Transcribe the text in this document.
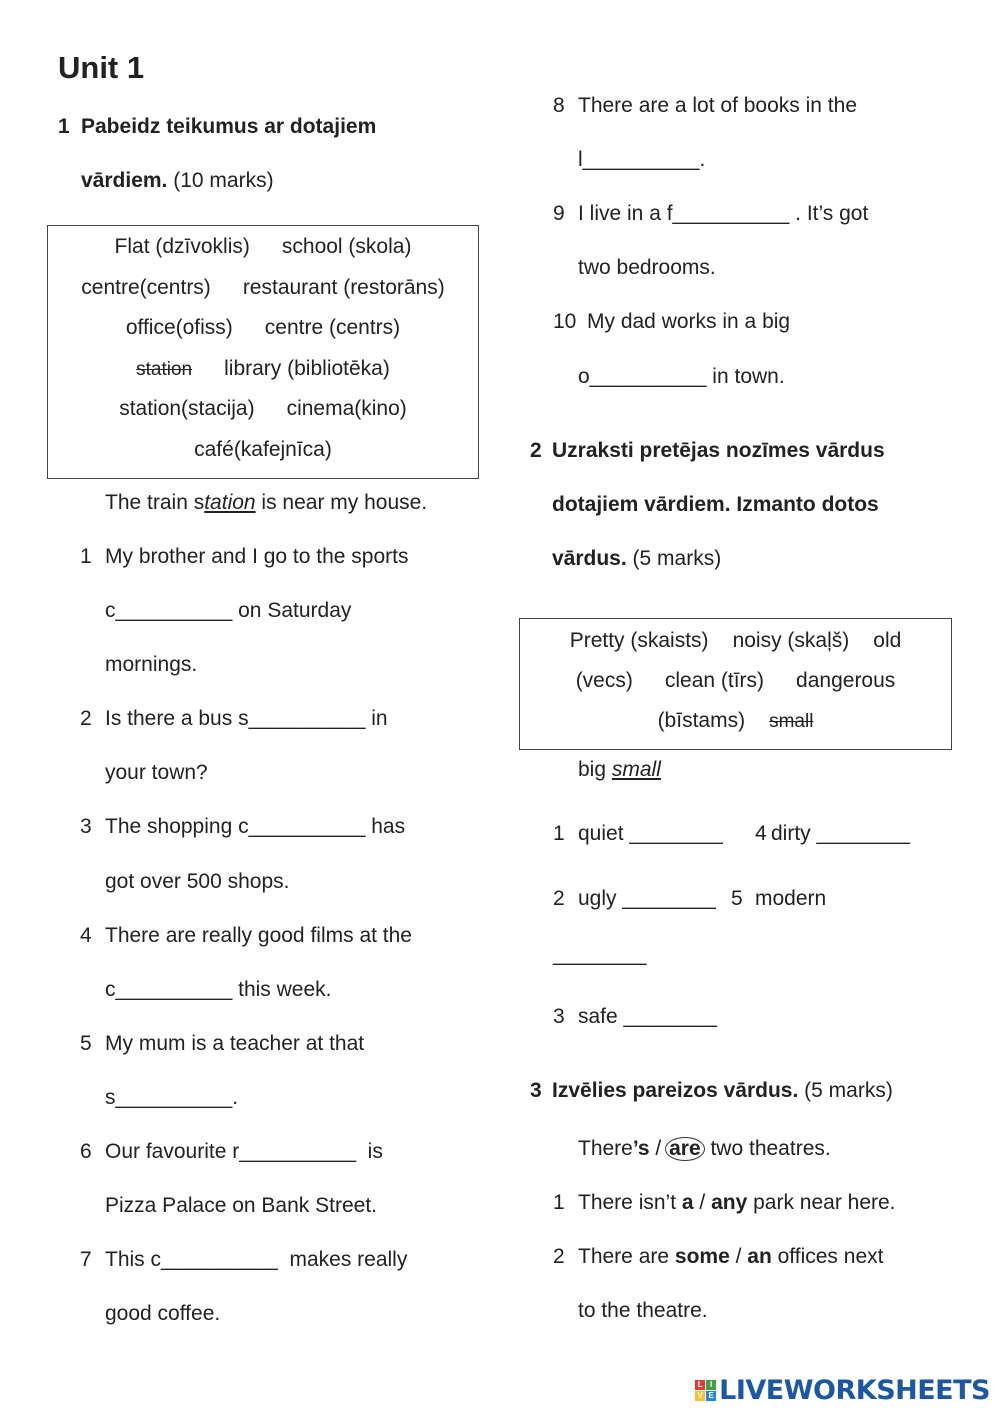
Unit 1
1 Pabeidz teikumus ar dotajiem
vārdiem. (10 marks)
Flat (dzīvoklis) school (skola)
centre(centrs) restaurant (restorāns)
office(ofiss) centre (centrs)
station library (bibliotēka)
station(stacija) cinema(kino)
café(kafejnīca)
The train station is near my house.
1 My brother and I go to the sports
c__________ on Saturday
mornings.
2 Is there a bus s__________ in
your town?
3 The shopping c__________ has
got over 500 shops.
4 There are really good films at the
c__________ this week.
5 My mum is a teacher at that
s__________.
6 Our favourite r__________  is
Pizza Palace on Bank Street.
7 This c__________  makes really
good coffee.
8 There are a lot of books in the
l__________.
9 I live in a f__________ . It’s got
two bedrooms.
10 My dad works in a big
o__________ in town.
2 Uzraksti pretējas nozīmes vārdus
dotajiem vārdiem. Izmanto dotos
vārdus. (5 marks)
Pretty (skaists) noisy (skaļš) old
(vecs) clean (tīrs) dangerous
(bīstams) small
big small
1 quiet ________ 4 dirty ________
2 ugly ________ 5 modern
________
3 safe ________
3 Izvēlies pareizos vārdus. (5 marks)
There’s / are two theatres.
1 There isn’t a / any park near here.
2 There are some / an offices next
to the theatre.
L I
V E LIVEWORKSHEETS
